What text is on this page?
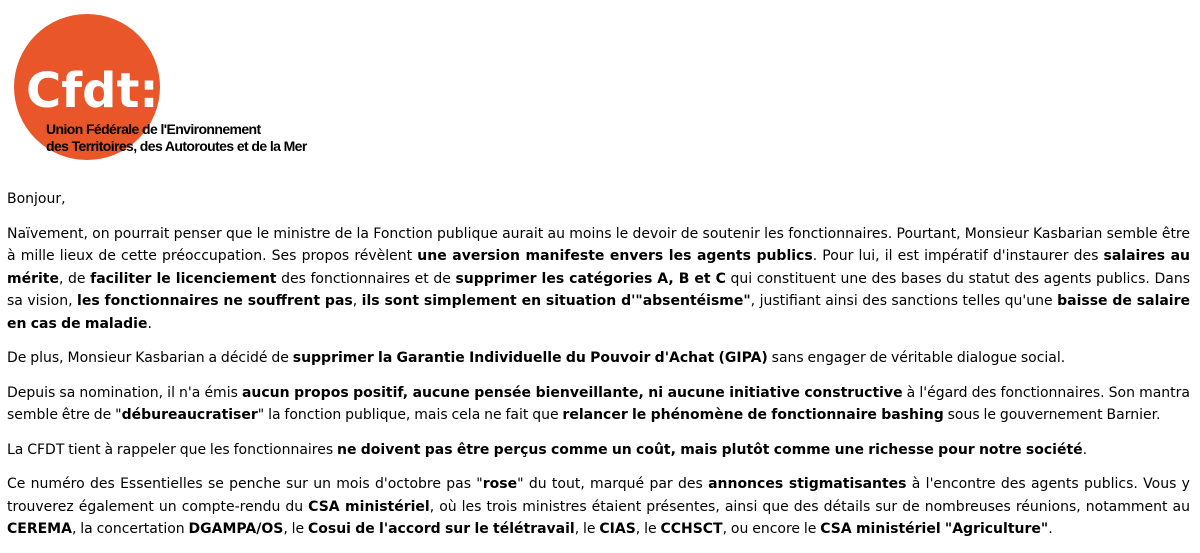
Cfdt:
Union Fédérale de l'Environnement
des Territoires, des Autoroutes et de la Mer

Bonjour,

Naïvement, on pourrait penser que le ministre de la Fonction publique aurait au moins le devoir de soutenir les fonctionnaires. Pourtant, Monsieur Kasbarian semble être à mille lieux de cette préoccupation. Ses propos révèlent une aversion manifeste envers les agents publics. Pour lui, il est impératif d'instaurer des salaires au mérite, de faciliter le licenciement des fonctionnaires et de supprimer les catégories A, B et C qui constituent une des bases du statut des agents publics. Dans sa vision, les fonctionnaires ne souffrent pas, ils sont simplement en situation d'"absentéisme", justifiant ainsi des sanctions telles qu'une baisse de salaire en cas de maladie.

De plus, Monsieur Kasbarian a décidé de supprimer la Garantie Individuelle du Pouvoir d'Achat (GIPA) sans engager de véritable dialogue social.

Depuis sa nomination, il n'a émis aucun propos positif, aucune pensée bienveillante, ni aucune initiative constructive à l'égard des fonctionnaires. Son mantra semble être de "débureaucratiser" la fonction publique, mais cela ne fait que relancer le phénomène de fonctionnaire bashing sous le gouvernement Barnier.

La CFDT tient à rappeler que les fonctionnaires ne doivent pas être perçus comme un coût, mais plutôt comme une richesse pour notre société.

Ce numéro des Essentielles se penche sur un mois d'octobre pas "rose" du tout, marqué par des annonces stigmatisantes à l'encontre des agents publics. Vous y trouverez également un compte-rendu du CSA ministériel, où les trois ministres étaient présentes, ainsi que des détails sur de nombreuses réunions, notamment au CEREMA, la concertation DGAMPA/OS, le Cosui de l'accord sur le télétravail, le CIAS, le CCHSCT, ou encore le CSA ministériel "Agriculture".
